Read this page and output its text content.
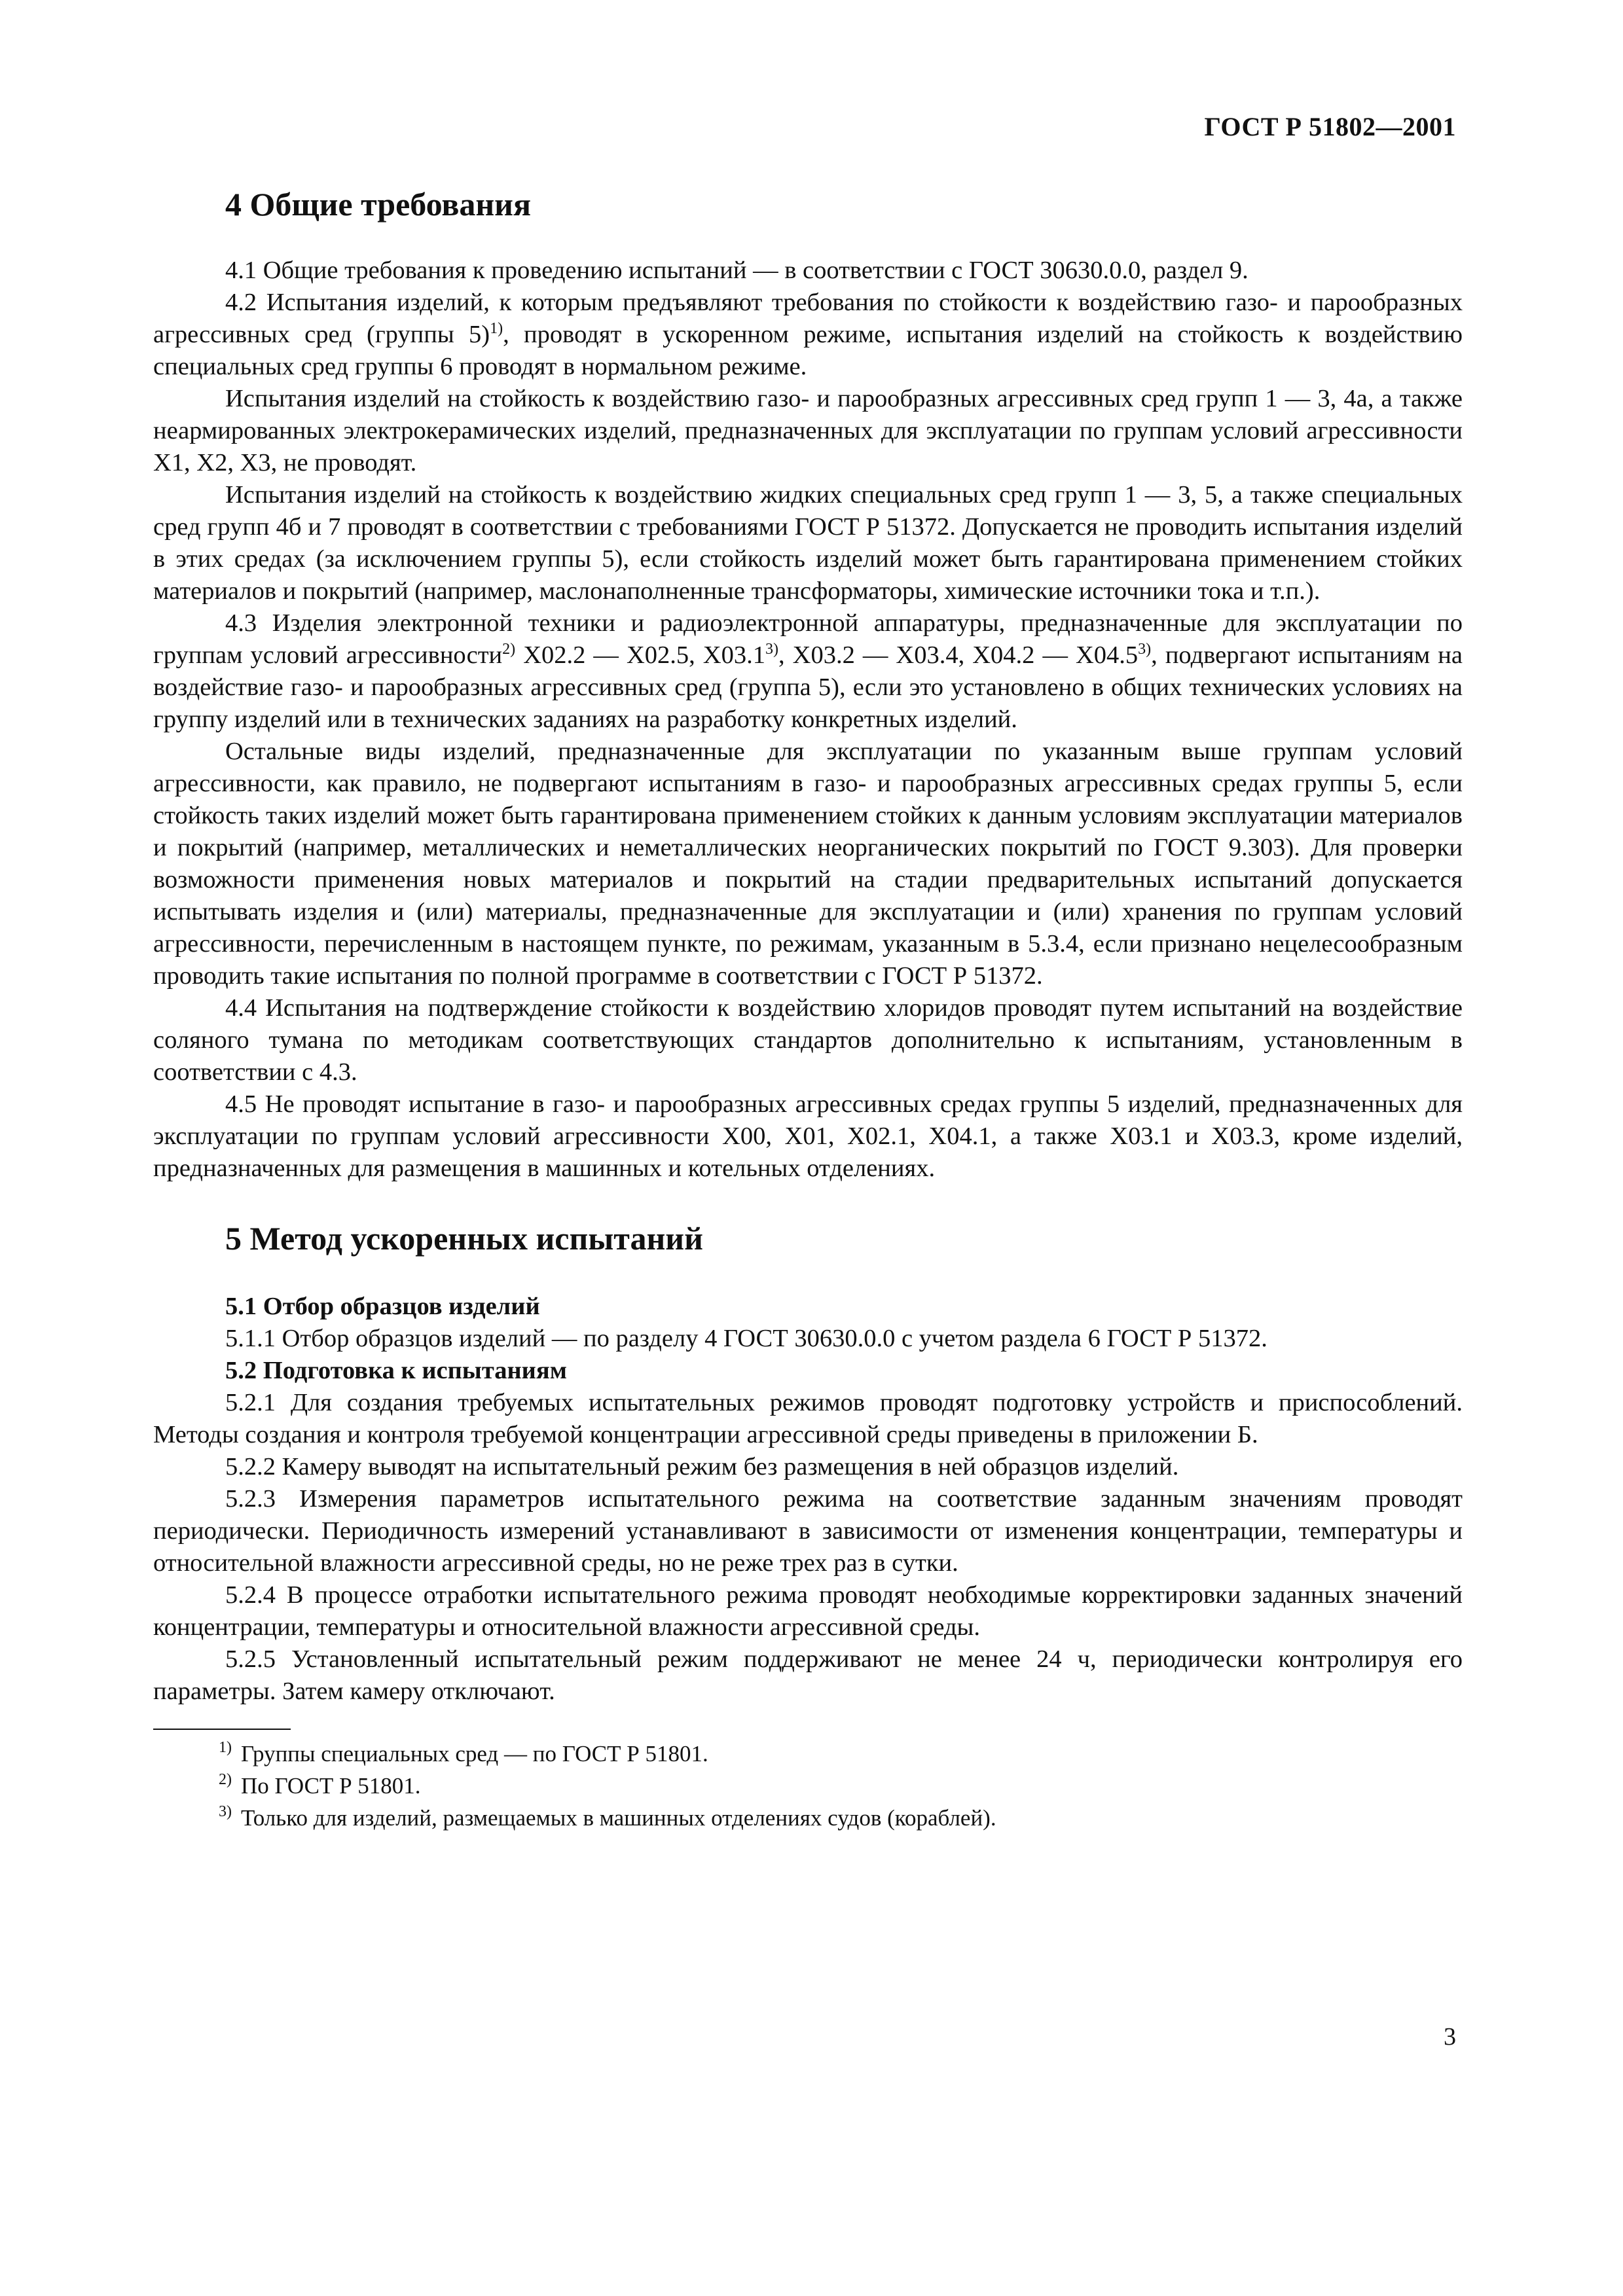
ГОСТ Р 51802—2001
4 Общие требования

4.1 Общие требования к проведению испытаний — в соответствии с ГОСТ 30630.0.0, раздел 9.

4.2 Испытания изделий, к которым предъявляют требования по стойкости к воздействию газо- и парообразных агрессивных сред (группы 5)$^{1)}$, проводят в ускоренном режиме, испытания изделий на стойкость к воздействию специальных сред группы 6 проводят в нормальном режиме.

Испытания изделий на стойкость к воздействию газо- и парообразных агрессивных сред групп 1 — 3, 4а, а также неармированных электрокерамических изделий, предназначенных для эксплуатации по группам условий агрессивности Х1, Х2, Х3, не проводят.

Испытания изделий на стойкость к воздействию жидких специальных сред групп 1 — 3, 5, а также специальных сред групп 4б и 7 проводят в соответствии с требованиями ГОСТ Р 51372. Допускается не проводить испытания изделий в этих средах (за исключением группы 5), если стойкость изделий может быть гарантирована применением стойких материалов и покрытий (например, маслонаполненные трансформаторы, химические источники тока и т.п.).

4.3 Изделия электронной техники и радиоэлектронной аппаратуры, предназначенные для эксплуатации по группам условий агрессивности$^{2)}$ Х02.2 — Х02.5, Х03.1$^{3)}$, Х03.2 — Х03.4, Х04.2 — Х04.5$^{3)}$, подвергают испытаниям на воздействие газо- и парообразных агрессивных сред (группа 5), если это установлено в общих технических условиях на группу изделий или в технических заданиях на разработку конкретных изделий.

Остальные виды изделий, предназначенные для эксплуатации по указанным выше группам условий агрессивности, как правило, не подвергают испытаниям в газо- и парообразных агрессивных средах группы 5, если стойкость таких изделий может быть гарантирована применением стойких к данным условиям эксплуатации материалов и покрытий (например, металлических и неметаллических неорганических покрытий по ГОСТ 9.303). Для проверки возможности применения новых материалов и покрытий на стадии предварительных испытаний допускается испытывать изделия и (или) материалы, предназначенные для эксплуатации и (или) хранения по группам условий агрессивности, перечисленным в настоящем пункте, по режимам, указанным в 5.3.4, если признано нецелесообразным проводить такие испытания по полной программе в соответствии с ГОСТ Р 51372.

4.4 Испытания на подтверждение стойкости к воздействию хлоридов проводят путем испытаний на воздействие соляного тумана по методикам соответствующих стандартов дополнительно к испытаниям, установленным в соответствии с 4.3.

4.5 Не проводят испытание в газо- и парообразных агрессивных средах группы 5 изделий, предназначенных для эксплуатации по группам условий агрессивности Х00, Х01, Х02.1, Х04.1, а также Х03.1 и Х03.3, кроме изделий, предназначенных для размещения в машинных и котельных отделениях.

5 Метод ускоренных испытаний

5.1 Отбор образцов изделий

5.1.1 Отбор образцов изделий — по разделу 4 ГОСТ 30630.0.0 с учетом раздела 6 ГОСТ Р 51372.

5.2 Подготовка к испытаниям

5.2.1 Для создания требуемых испытательных режимов проводят подготовку устройств и приспособлений. Методы создания и контроля требуемой концентрации агрессивной среды приведены в приложении Б.

5.2.2 Камеру выводят на испытательный режим без размещения в ней образцов изделий.

5.2.3 Измерения параметров испытательного режима на соответствие заданным значениям проводят периодически. Периодичность измерений устанавливают в зависимости от изменения концентрации, температуры и относительной влажности агрессивной среды, но не реже трех раз в сутки.

5.2.4 В процессе отработки испытательного режима проводят необходимые корректировки заданных значений концентрации, температуры и относительной влажности агрессивной среды.

5.2.5 Установленный испытательный режим поддерживают не менее 24 ч, периодически контролируя его параметры. Затем камеру отключают.

$^{1)}$ Группы специальных сред — по ГОСТ Р 51801.
$^{2)}$ По ГОСТ Р 51801.
$^{3)}$ Только для изделий, размещаемых в машинных отделениях судов (кораблей).
3
